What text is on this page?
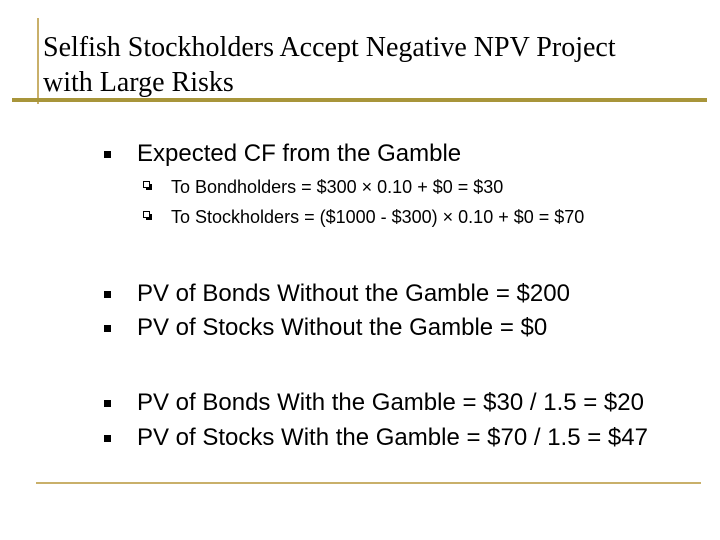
Selfish Stockholders Accept Negative NPV Project
with Large Risks
Expected CF from the Gamble
To Bondholders = $300 × 0.10 + $0 = $30
To Stockholders = ($1000 - $300) × 0.10 + $0 = $70
PV of Bonds Without the Gamble = $200
PV of Stocks Without the Gamble = $0
PV of Bonds With the Gamble = $30 / 1.5 = $20
PV of Stocks With the Gamble = $70 / 1.5 = $47
